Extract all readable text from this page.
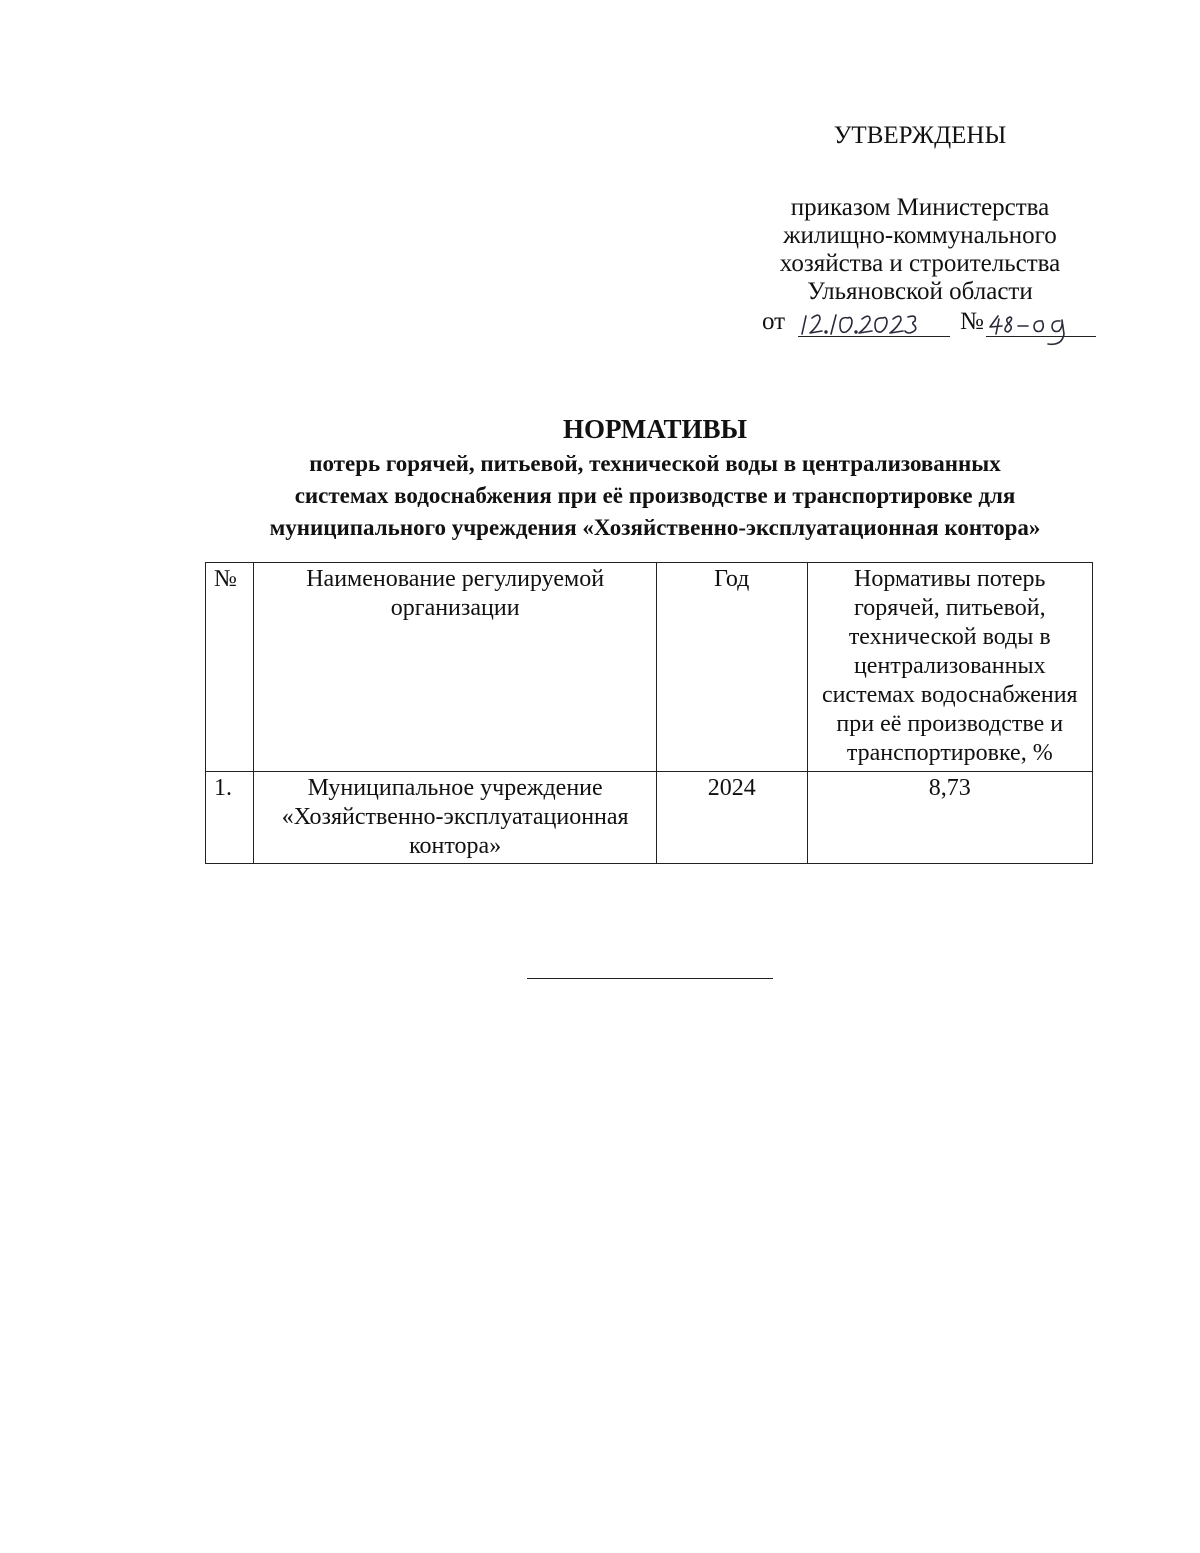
УТВЕРЖДЕНЫ
приказом Министерства
жилищно-коммунального
хозяйства и строительства
Ульяновской области
от	№
НОРМАТИВЫ
потерь горячей, питьевой, технической воды в централизованных
системах водоснабжения при её производстве и транспортировке для
муниципального учреждения «Хозяйственно-эксплуатационная контора»
№	Наименование регулируемой организации	Год	Нормативы потерь горячей, питьевой, технической воды в централизованных системах водоснабжения при её производстве и транспортировке, %
1.	Муниципальное учреждение «Хозяйственно-эксплуатационная контора»	2024	8,73
